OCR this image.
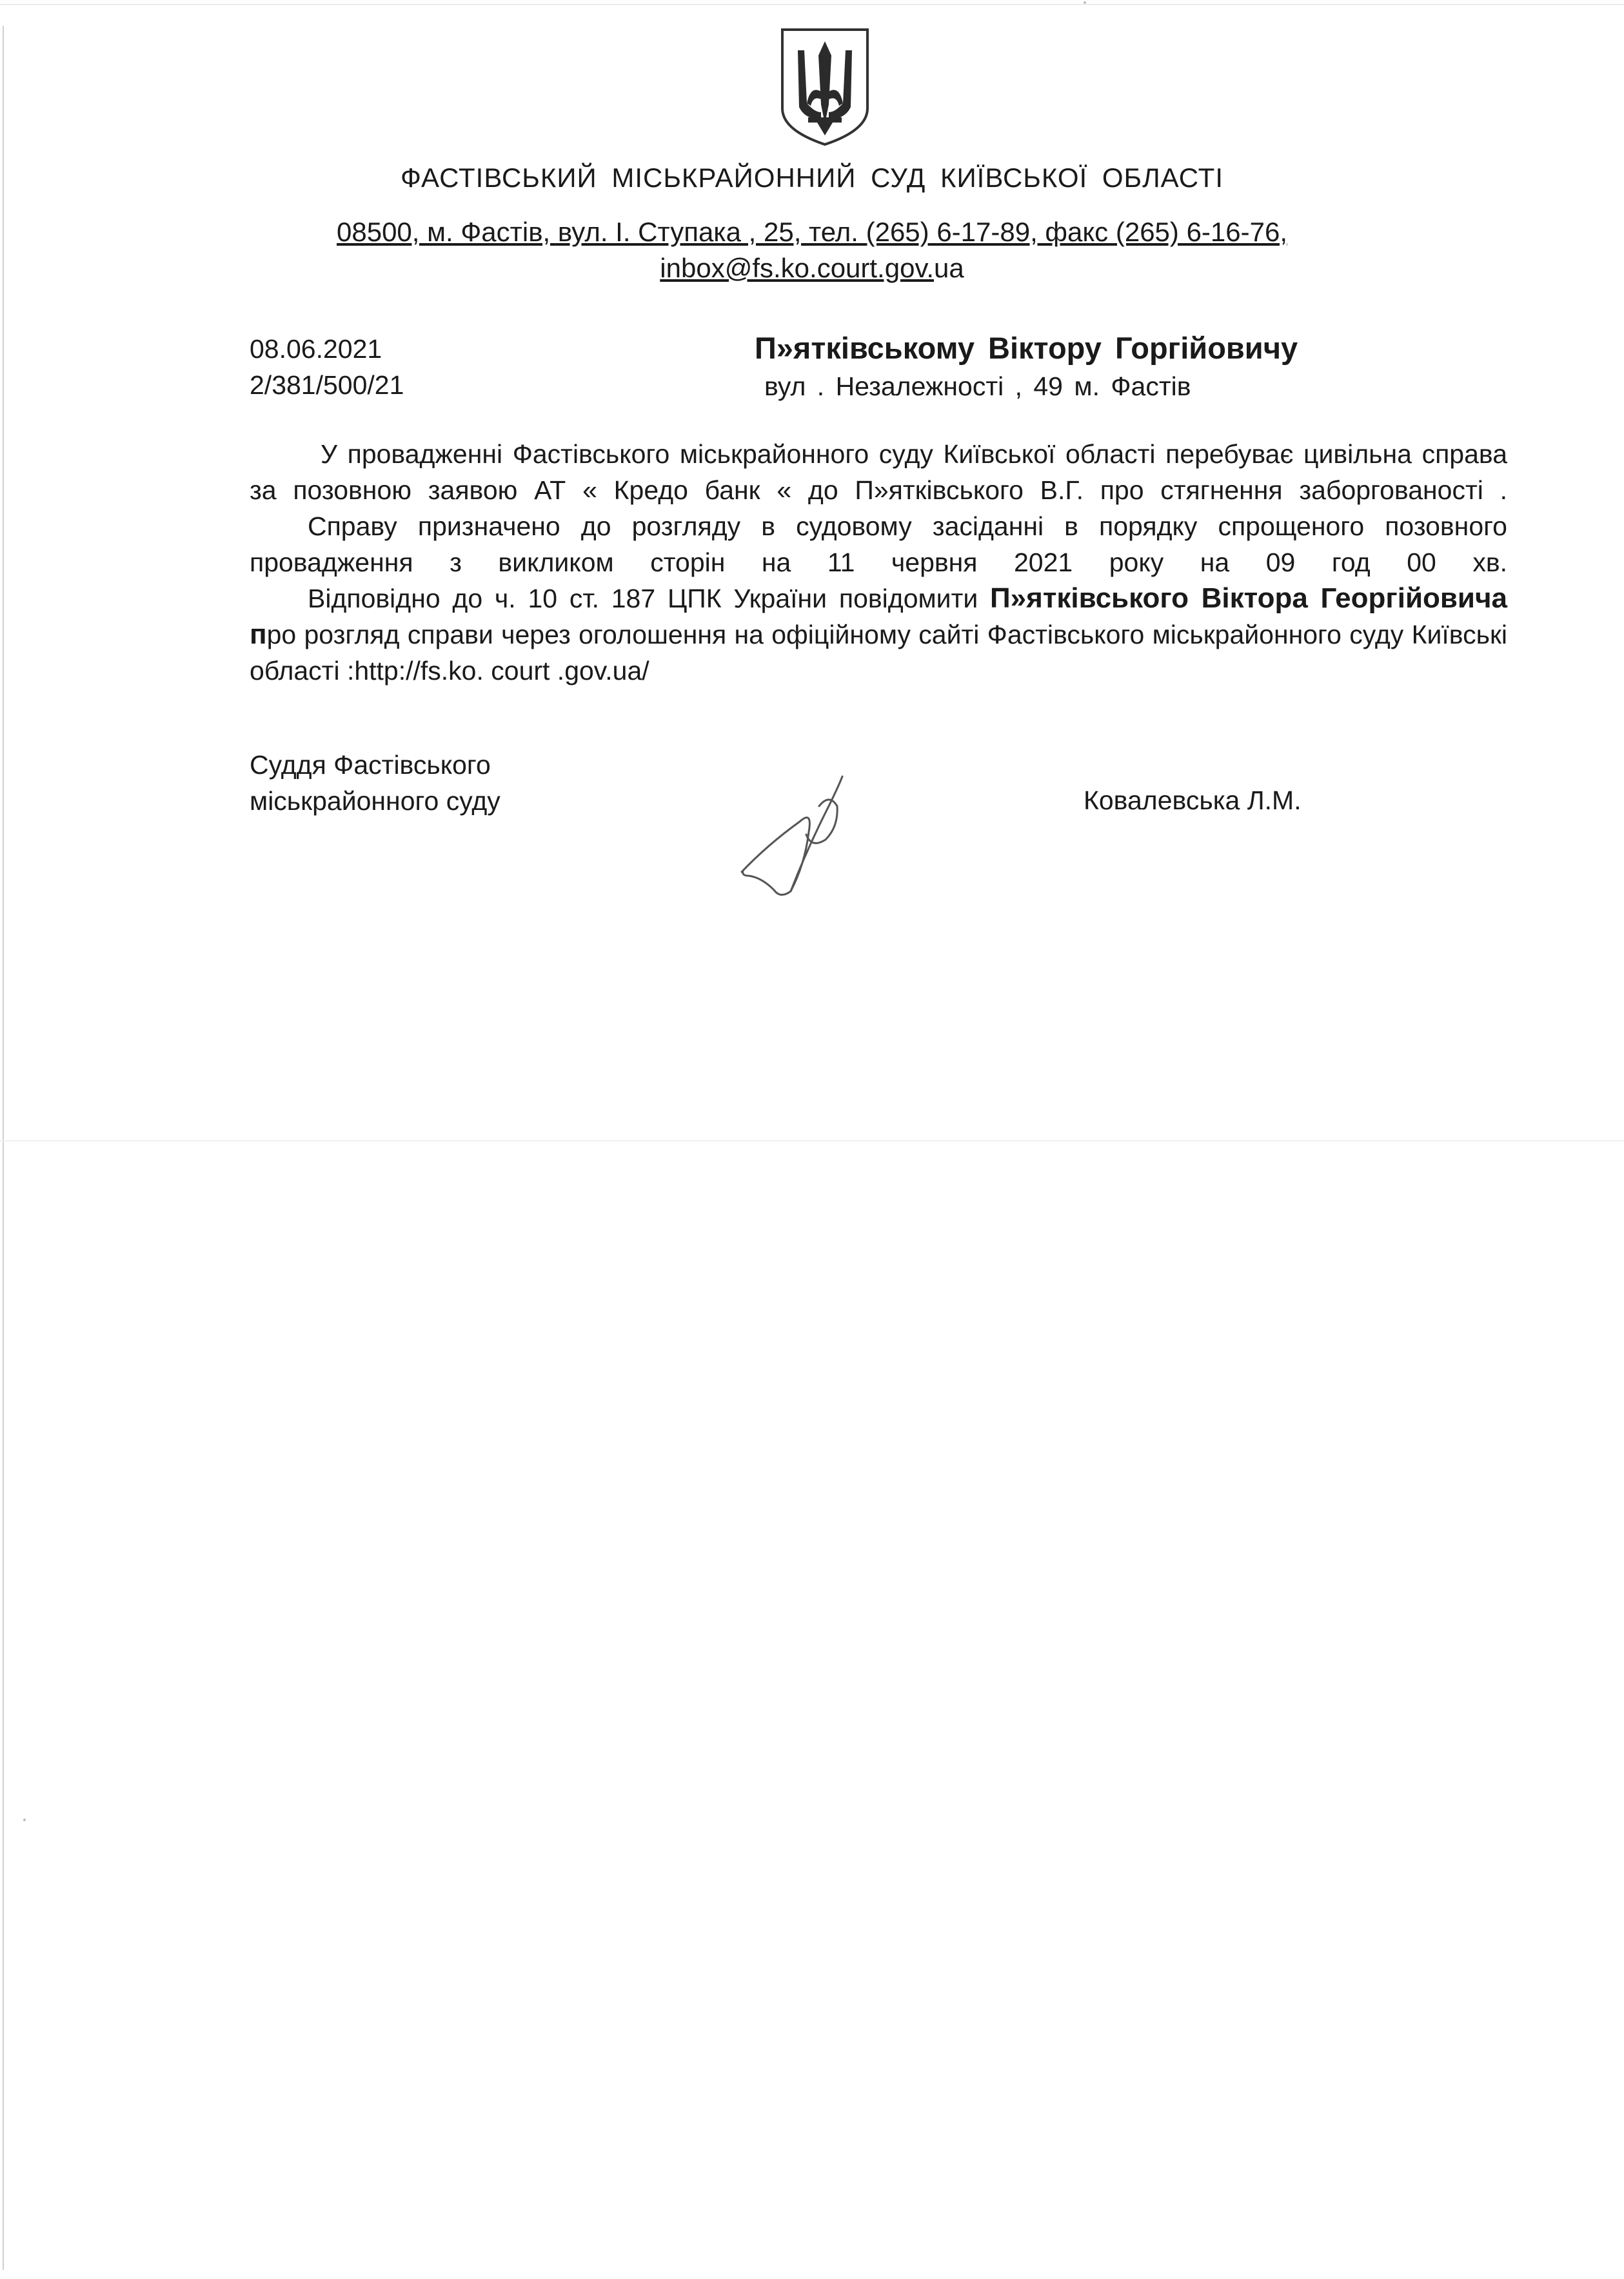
ФАСТІВСЬКИЙ МІСЬКРАЙОННИЙ СУД КИЇВСЬКОЇ ОБЛАСТІ
08500, м. Фастів, вул. І. Ступака , 25, тел. (265) 6-17-89, факс (265) 6-16-76,
inbox@fs.ko.court.gov.ua
08.06.2021
2/381/500/21
П»ятківському Віктору Горгійовичу
вул . Незалежності , 49 м. Фастів

У провадженні Фастівського міськрайонного суду Київської області перебуває цивільна справа за позовною заявою АТ « Кредо банк « до П»ятківського В.Г. про стягнення заборгованості .

Справу призначено до розгляду в судовому засіданні в порядку спрощеного позовного провадження з викликом сторін на 11 червня 2021 року на 09 год 00 хв.

Відповідно до ч. 10 ст. 187 ЦПК України повідомити П»ятківського Віктора Георгійовича про розгляд справи через оголошення на офіційному сайті Фастівського міськрайонного суду Київські області :http://fs.ko. court .gov.ua/

Суддя Фастівського
міськрайонного суду	Ковалевська Л.М.
